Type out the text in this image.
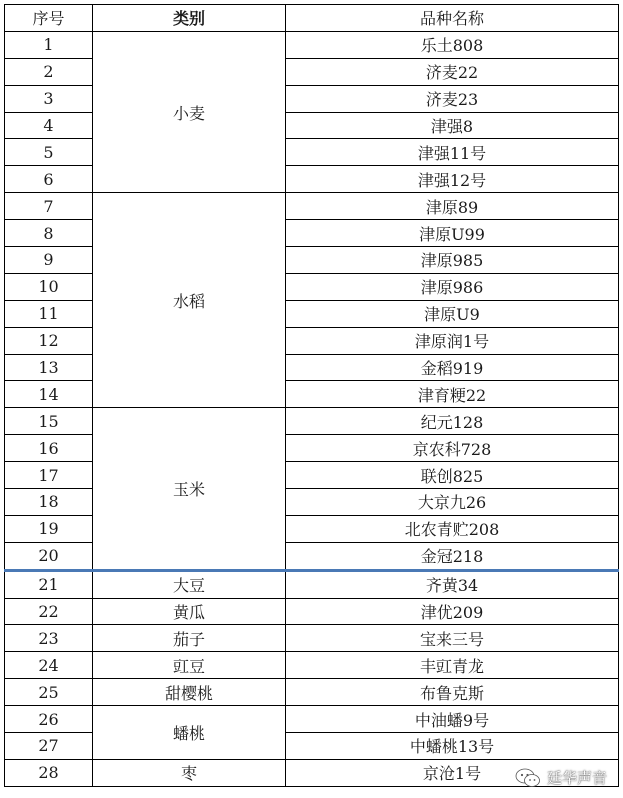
序号	类别	品种名称
1	小麦	乐土808
2		济麦22
3		济麦23
4		津强8
5		津强11号
6		津强12号
7	水稻	津原89
8		津原U99
9		津原985
10		津原986
11		津原U9
12		津原润1号
13		金稻919
14		津育粳22
15	玉米	纪元128
16		京农科728
17		联创825
18		大京九26
19		北农青贮208
20		金冠218
21	大豆	齐黄34
22	黄瓜	津优209
23	茄子	宝来三号
24	豇豆	丰豇青龙
25	甜樱桃	布鲁克斯
26	蟠桃	中油蟠9号
27		中蟠桃13号
28	枣	京沧1号	廷华声音
